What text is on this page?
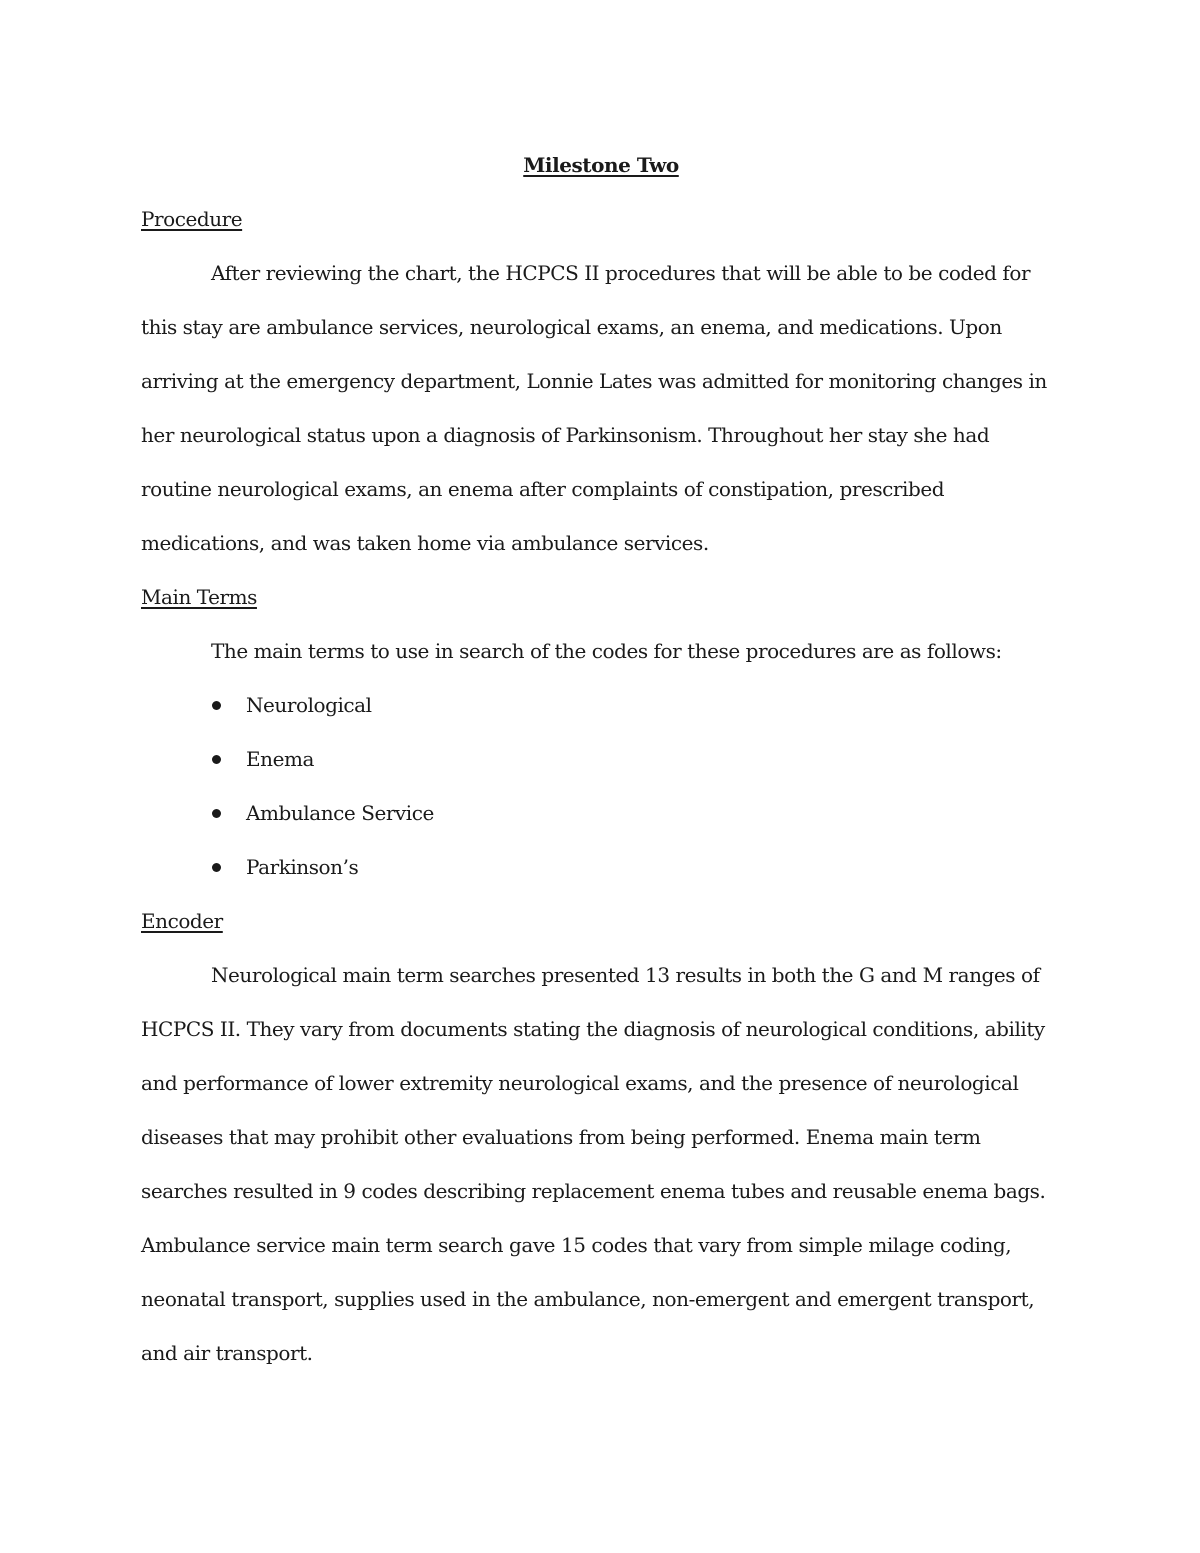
Milestone Two
Procedure

After reviewing the chart, the HCPCS II procedures that will be able to be coded for this stay are ambulance services, neurological exams, an enema, and medications. Upon arriving at the emergency department, Lonnie Lates was admitted for monitoring changes in her neurological status upon a diagnosis of Parkinsonism. Throughout her stay she had routine neurological exams, an enema after complaints of constipation, prescribed medications, and was taken home via ambulance services.

Main Terms

The main terms to use in search of the codes for these procedures are as follows:

Neurological
Enema
Ambulance Service
Parkinson’s
Encoder

Neurological main term searches presented 13 results in both the G and M ranges of HCPCS II. They vary from documents stating the diagnosis of neurological conditions, ability and performance of lower extremity neurological exams, and the presence of neurological diseases that may prohibit other evaluations from being performed. Enema main term searches resulted in 9 codes describing replacement enema tubes and reusable enema bags. Ambulance service main term search gave 15 codes that vary from simple milage coding, neonatal transport, supplies used in the ambulance, non-emergent and emergent transport, and air transport.
